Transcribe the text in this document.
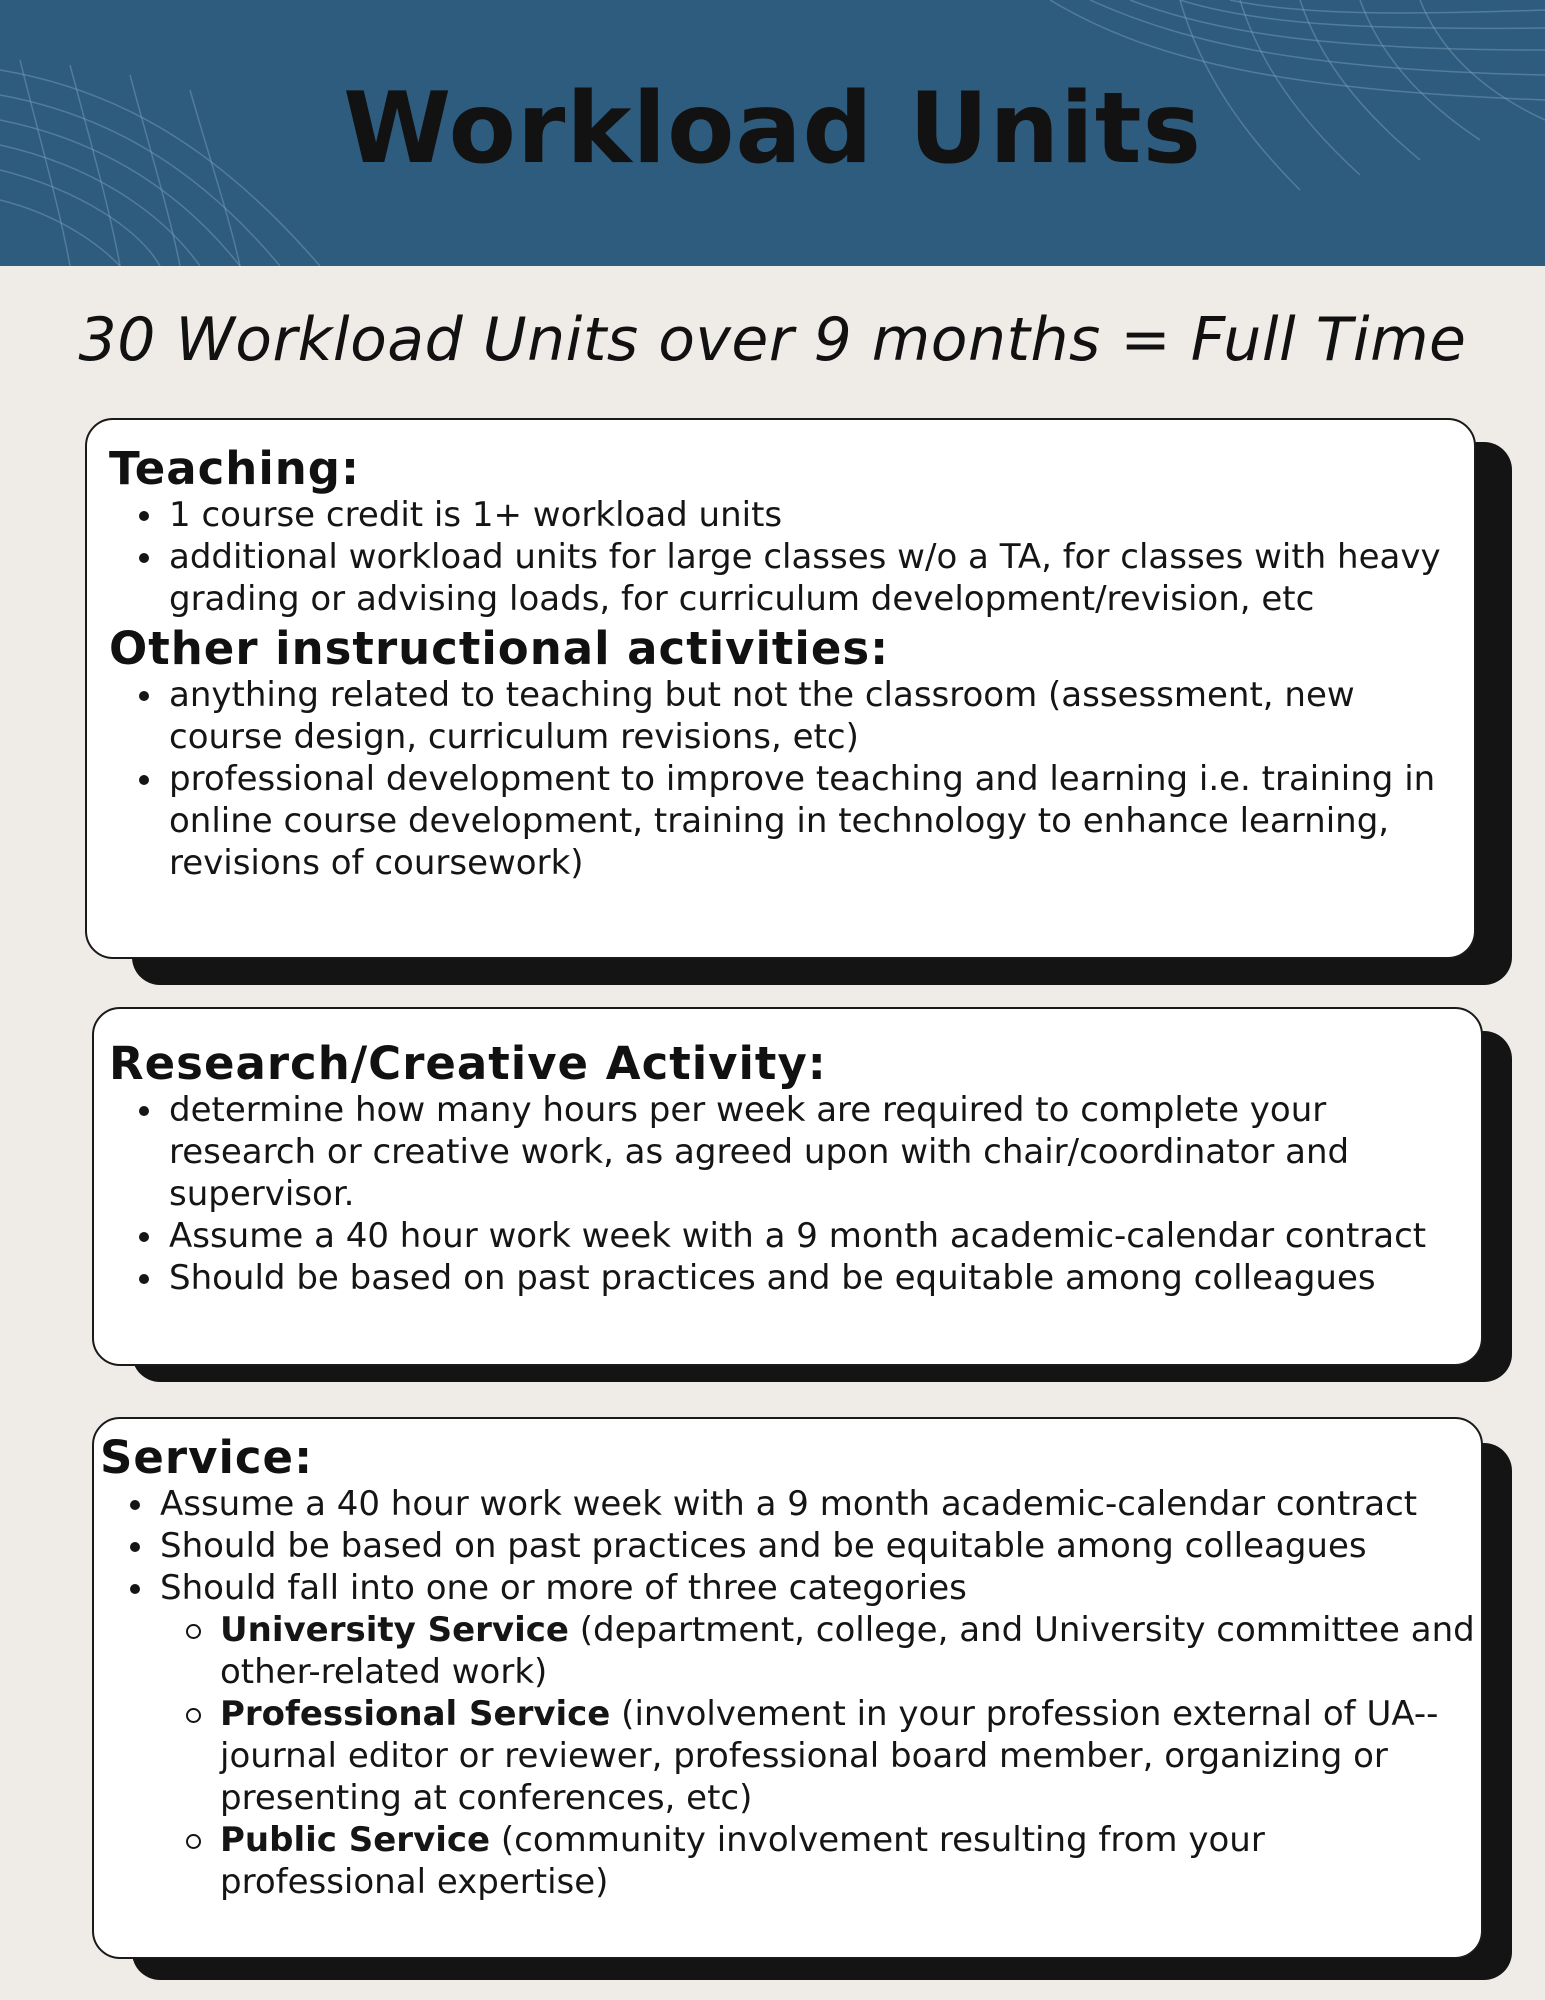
Workload Units
30 Workload Units over 9 months = Full Time
Teaching:
1 course credit is 1+ workload units
additional workload units for large classes w/o a TA, for classes with heavy grading or advising loads, for curriculum development/revision, etc
Other instructional activities:
anything related to teaching but not the classroom (assessment, new course design, curriculum revisions, etc)
professional development to improve teaching and learning i.e. training in online course development, training in technology to enhance learning, revisions of coursework)
Research/Creative Activity:
determine how many hours per week are required to complete your research or creative work, as agreed upon with chair/coordinator and supervisor.
Assume a 40 hour work week with a 9 month academic-calendar contract
Should be based on past practices and be equitable among colleagues
Service:
Assume a 40 hour work week with a 9 month academic-calendar contract
Should be based on past practices and be equitable among colleagues
Should fall into one or more of three categories
University Service (department, college, and University committee and other-related work)
Professional Service (involvement in your profession external of UA--journal editor or reviewer, professional board member, organizing or presenting at conferences, etc)
Public Service (community involvement resulting from your professional expertise)
